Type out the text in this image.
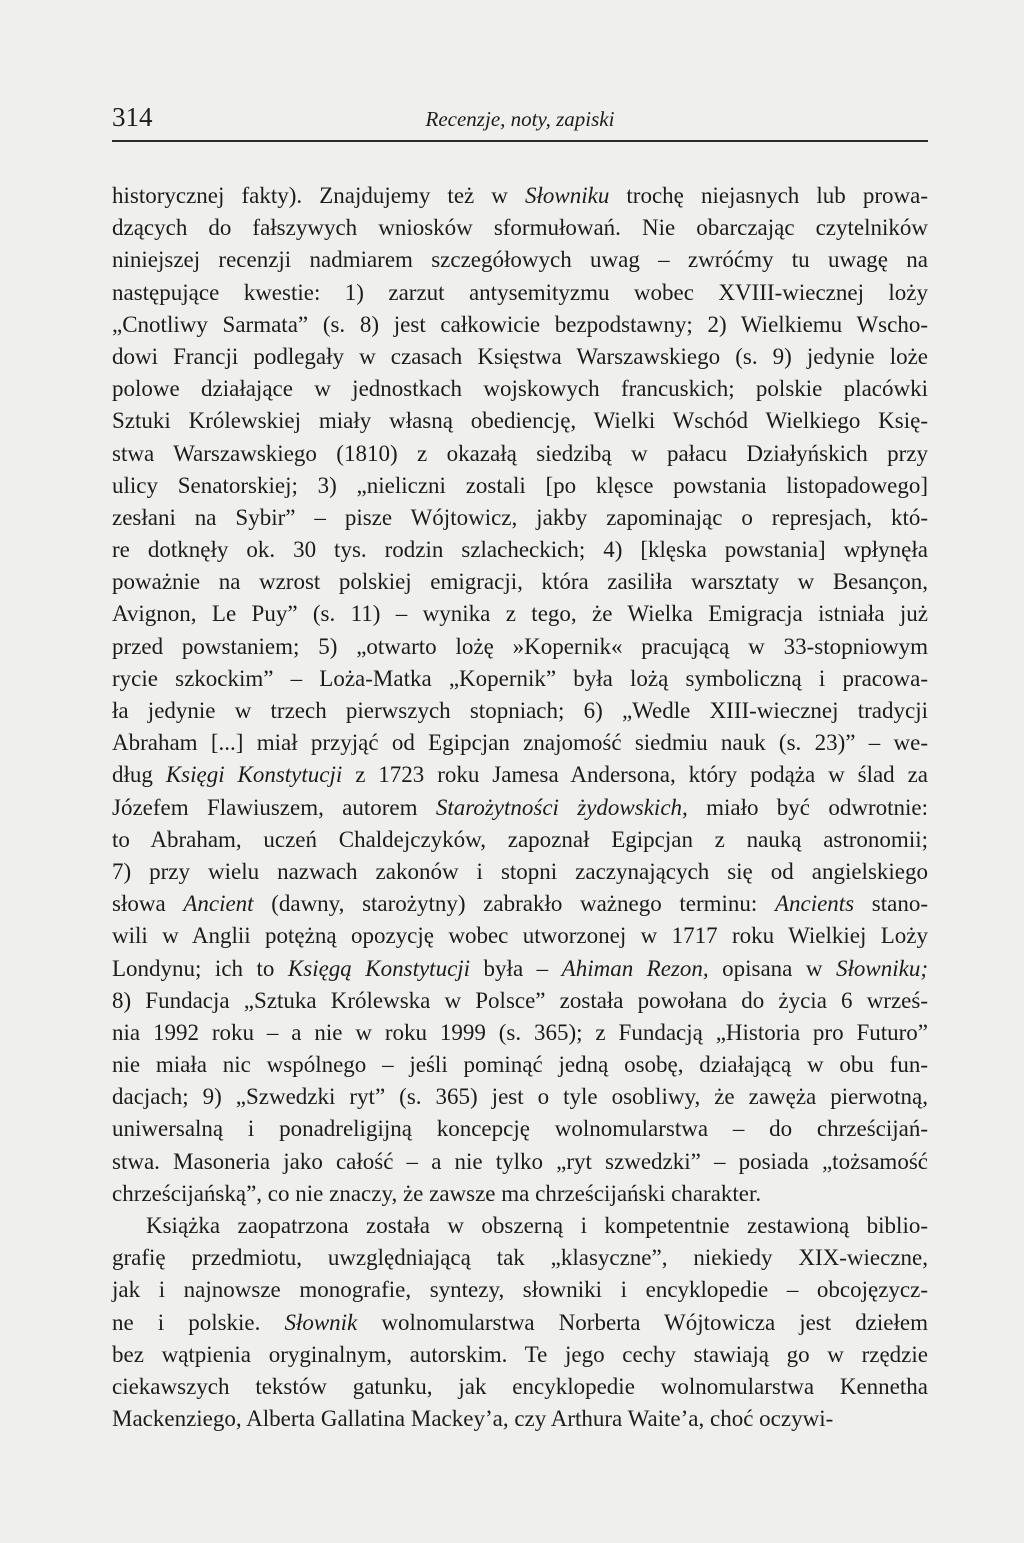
314	Recenzje, noty, zapiski
historycznej fakty). Znajdujemy też w Słowniku trochę niejasnych lub prowa-
dzących do fałszywych wniosków sformułowań. Nie obarczając czytelników
niniejszej recenzji nadmiarem szczegółowych uwag – zwróćmy tu uwagę na
następujące kwestie: 1) zarzut antysemityzmu wobec XVIII-wiecznej loży
„Cnotliwy Sarmata” (s. 8) jest całkowicie bezpodstawny; 2) Wielkiemu Wscho-
dowi Francji podlegały w czasach Księstwa Warszawskiego (s. 9) jedynie loże
polowe działające w jednostkach wojskowych francuskich; polskie placówki
Sztuki Królewskiej miały własną obediencję, Wielki Wschód Wielkiego Księ-
stwa Warszawskiego (1810) z okazałą siedzibą w pałacu Działyńskich przy
ulicy Senatorskiej; 3) „nieliczni zostali [po klęsce powstania listopadowego]
zesłani na Sybir” – pisze Wójtowicz, jakby zapominając o represjach, któ-
re dotknęły ok. 30 tys. rodzin szlacheckich; 4) [klęska powstania] wpłynęła
poważnie na wzrost polskiej emigracji, która zasiliła warsztaty w Besançon,
Avignon, Le Puy” (s. 11) – wynika z tego, że Wielka Emigracja istniała już
przed powstaniem; 5) „otwarto lożę »Kopernik« pracującą w 33-stopniowym
rycie szkockim” – Loża-Matka „Kopernik” była lożą symboliczną i pracowa-
ła jedynie w trzech pierwszych stopniach; 6) „Wedle XIII-wiecznej tradycji
Abraham [...] miał przyjąć od Egipcjan znajomość siedmiu nauk (s. 23)” – we-
dług Księgi Konstytucji z 1723 roku Jamesa Andersona, który podąża w ślad za
Józefem Flawiuszem, autorem Starożytności żydowskich, miało być odwrotnie:
to Abraham, uczeń Chaldejczyków, zapoznał Egipcjan z nauką astronomii;
7) przy wielu nazwach zakonów i stopni zaczynających się od angielskiego
słowa Ancient (dawny, starożytny) zabrakło ważnego terminu: Ancients stano-
wili w Anglii potężną opozycję wobec utworzonej w 1717 roku Wielkiej Loży
Londynu; ich to Księgą Konstytucji była – Ahiman Rezon, opisana w Słowniku;
8) Fundacja „Sztuka Królewska w Polsce” została powołana do życia 6 wrześ-
nia 1992 roku – a nie w roku 1999 (s. 365); z Fundacją „Historia pro Futuro”
nie miała nic wspólnego – jeśli pominąć jedną osobę, działającą w obu fun-
dacjach; 9) „Szwedzki ryt” (s. 365) jest o tyle osobliwy, że zawęża pierwotną,
uniwersalną i ponadreligijną koncepcję wolnomularstwa – do chrześcijań-
stwa. Masoneria jako całość – a nie tylko „ryt szwedzki” – posiada „tożsamość
chrześcijańską”, co nie znaczy, że zawsze ma chrześcijański charakter.
Książka zaopatrzona została w obszerną i kompetentnie zestawioną biblio-
grafię przedmiotu, uwzględniającą tak „klasyczne”, niekiedy XIX-wieczne,
jak i najnowsze monografie, syntezy, słowniki i encyklopedie – obcojęzycz-
ne i polskie. Słownik wolnomularstwa Norberta Wójtowicza jest dziełem
bez wątpienia oryginalnym, autorskim. Te jego cechy stawiają go w rzędzie
ciekawszych tekstów gatunku, jak encyklopedie wolnomularstwa Kennetha
Mackenziego, Alberta Gallatina Mackey’a, czy Arthura Waite’a, choć oczywi-
